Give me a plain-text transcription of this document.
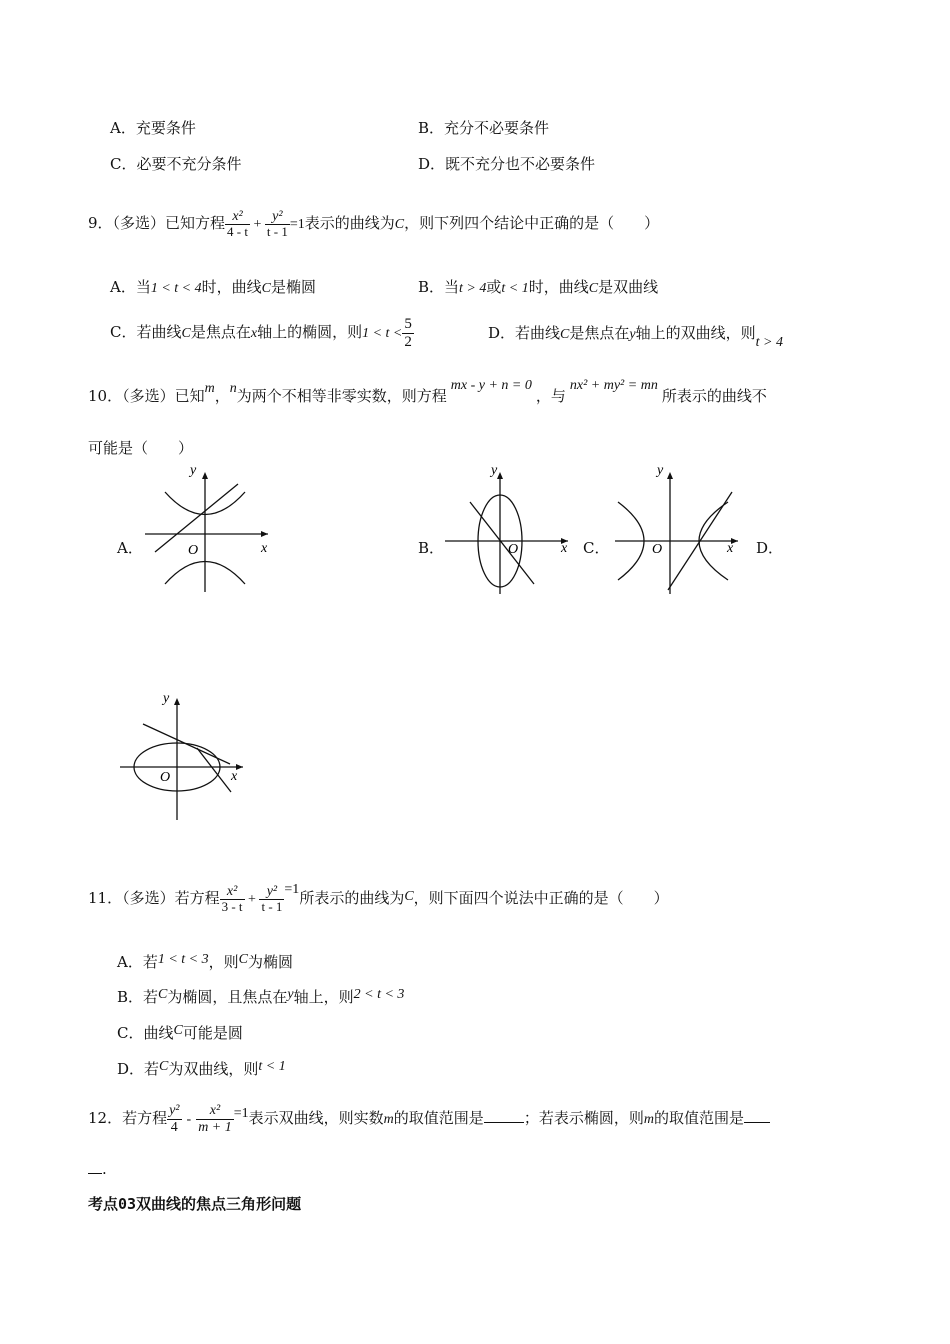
A．充要条件	B．充分不必要条件
C．必要不充分条件	D．既不充分也不必要条件
9．（多选）已知方程 $\frac{\text{x²}}{4 - t} + \frac{\text{y²}}{t - 1} =1$表示的曲线为C，则下列四个结论中正确的是（　　）
A．当1 < t < 4时，曲线C是椭圆	B．当t > 4或t < 1时，曲线C是双曲线
C．若曲线C是焦点在x轴上的椭圆，则$1 < t < \frac{5}{2}$	D．若曲线C是焦点在y轴上的双曲线，则t > 4
10．（多选）已知m，n为两个不相等非零实数，则方程mx - y + n = 0，与nx² + my² = mn所表示的曲线不
可能是（　　）
A．	B．	C．	D．
y
x
O
y
x
O
y
x
O
y
x
O
11．（多选）若方程 $\frac{\text{x²}}{3 - t} + \frac{\text{y²}}{t - 1} =1$所表示的曲线为C，则下面四个说法中正确的是（　　）
A．若1 < t < 3，则C为椭圆
B．若C为椭圆，且焦点在y轴上，则2 < t < 3
C．曲线C可能是圆
D．若C为双曲线，则t < 1
12．若方程 $\frac{\text{y²}}{4} - \frac{\text{x²}}{m + 1} =1$表示双曲线，则实数m的取值范围是	；若表示椭圆，则m的取值范围是
.
考点03双曲线的焦点三角形问题
